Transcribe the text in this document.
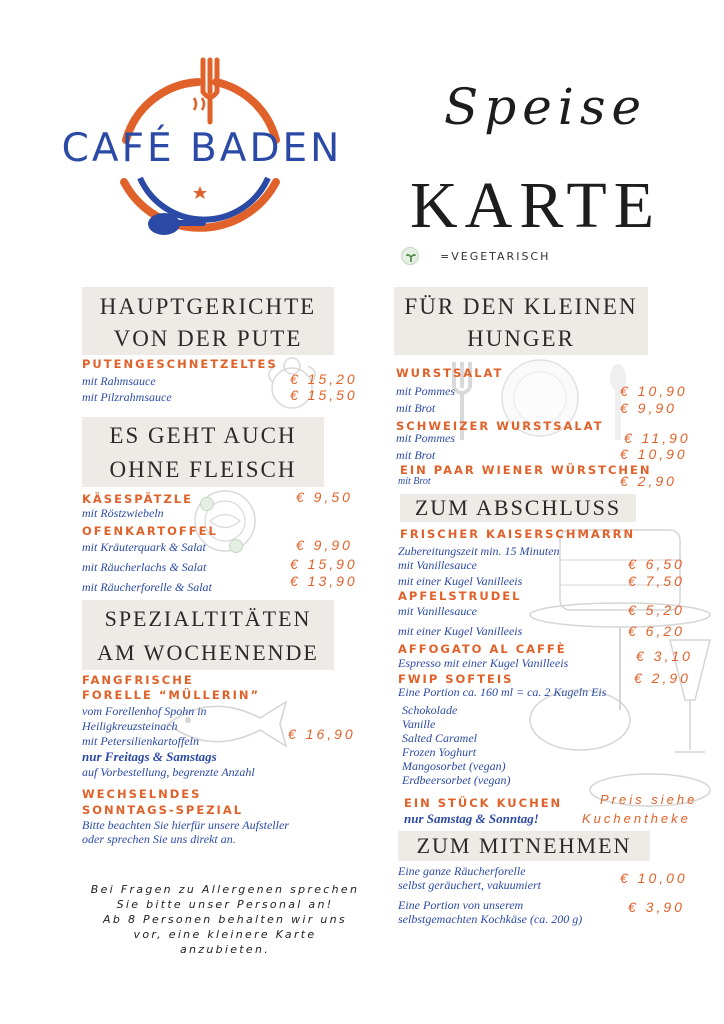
CAFÉ BADEN
Speise
KARTE
=VEGETARISCH
HAUPTGERICHTE
VON DER PUTE
PUTENGESCHNETZELTES
mit Rahmsauce	€ 15,20
mit Pilzrahmsauce	€ 15,50
ES GEHT AUCH
OHNE FLEISCH
KÄSESPÄTZLE	€ 9,50
mit Röstzwiebeln
OFENKARTOFFEL
mit Kräuterquark & Salat	€ 9,90
mit Räucherlachs & Salat	€ 15,90
mit Räucherforelle & Salat	€ 13,90
SPEZIALTITÄTEN
AM WOCHENENDE
FANGFRISCHE
FORELLE “MÜLLERIN”
vom Forellenhof Spohn in
Heiligkreuzsteinach
mit Petersilienkartoffeln	€ 16,90
nur Freitags & Samstags
auf Vorbestellung, begrenzte Anzahl
WECHSELNDES
SONNTAGS-SPEZIAL
Bitte beachten Sie hierfür unsere Aufsteller
oder sprechen Sie uns direkt an.
Bei Fragen zu Allergenen sprechen
Sie bitte unser Personal an!
Ab 8 Personen behalten wir uns
vor, eine kleinere Karte
anzubieten.
FÜR DEN KLEINEN
HUNGER
WURSTSALAT
mit Pommes	€ 10,90
mit Brot	€ 9,90
SCHWEIZER WURSTSALAT
mit Pommes	€ 11,90
mit Brot	€ 10,90
EIN PAAR WIENER WÜRSTCHEN
mit Brot	€ 2,90
ZUM ABSCHLUSS
FRISCHER KAISERSCHMARRN
Zubereitungszeit min. 15 Minuten
mit Vanillesauce	€ 6,50
mit einer Kugel Vanilleeis	€ 7,50
APFELSTRUDEL
mit Vanillesauce	€ 5,20
mit einer Kugel Vanilleeis	€ 6,20
AFFOGATO AL CAFFÈ
Espresso mit einer Kugel Vanilleeis	€ 3,10
FWIP SOFTEIS	€ 2,90
Eine Portion ca. 160 ml = ca. 2 Kugeln Eis
Schokolade
Vanille
Salted Caramel
Frozen Yoghurt
Mangosorbet (vegan)
Erdbeersorbet (vegan)
EIN STÜCK KUCHEN
nur Samstag & Sonntag!
Preis siehe
Kuchentheke
ZUM MITNEHMEN
Eine ganze Räucherforelle
selbst geräuchert, vakuumiert	€ 10,00
Eine Portion von unserem
selbstgemachten Kochkäse (ca. 200 g)
€ 3,90
